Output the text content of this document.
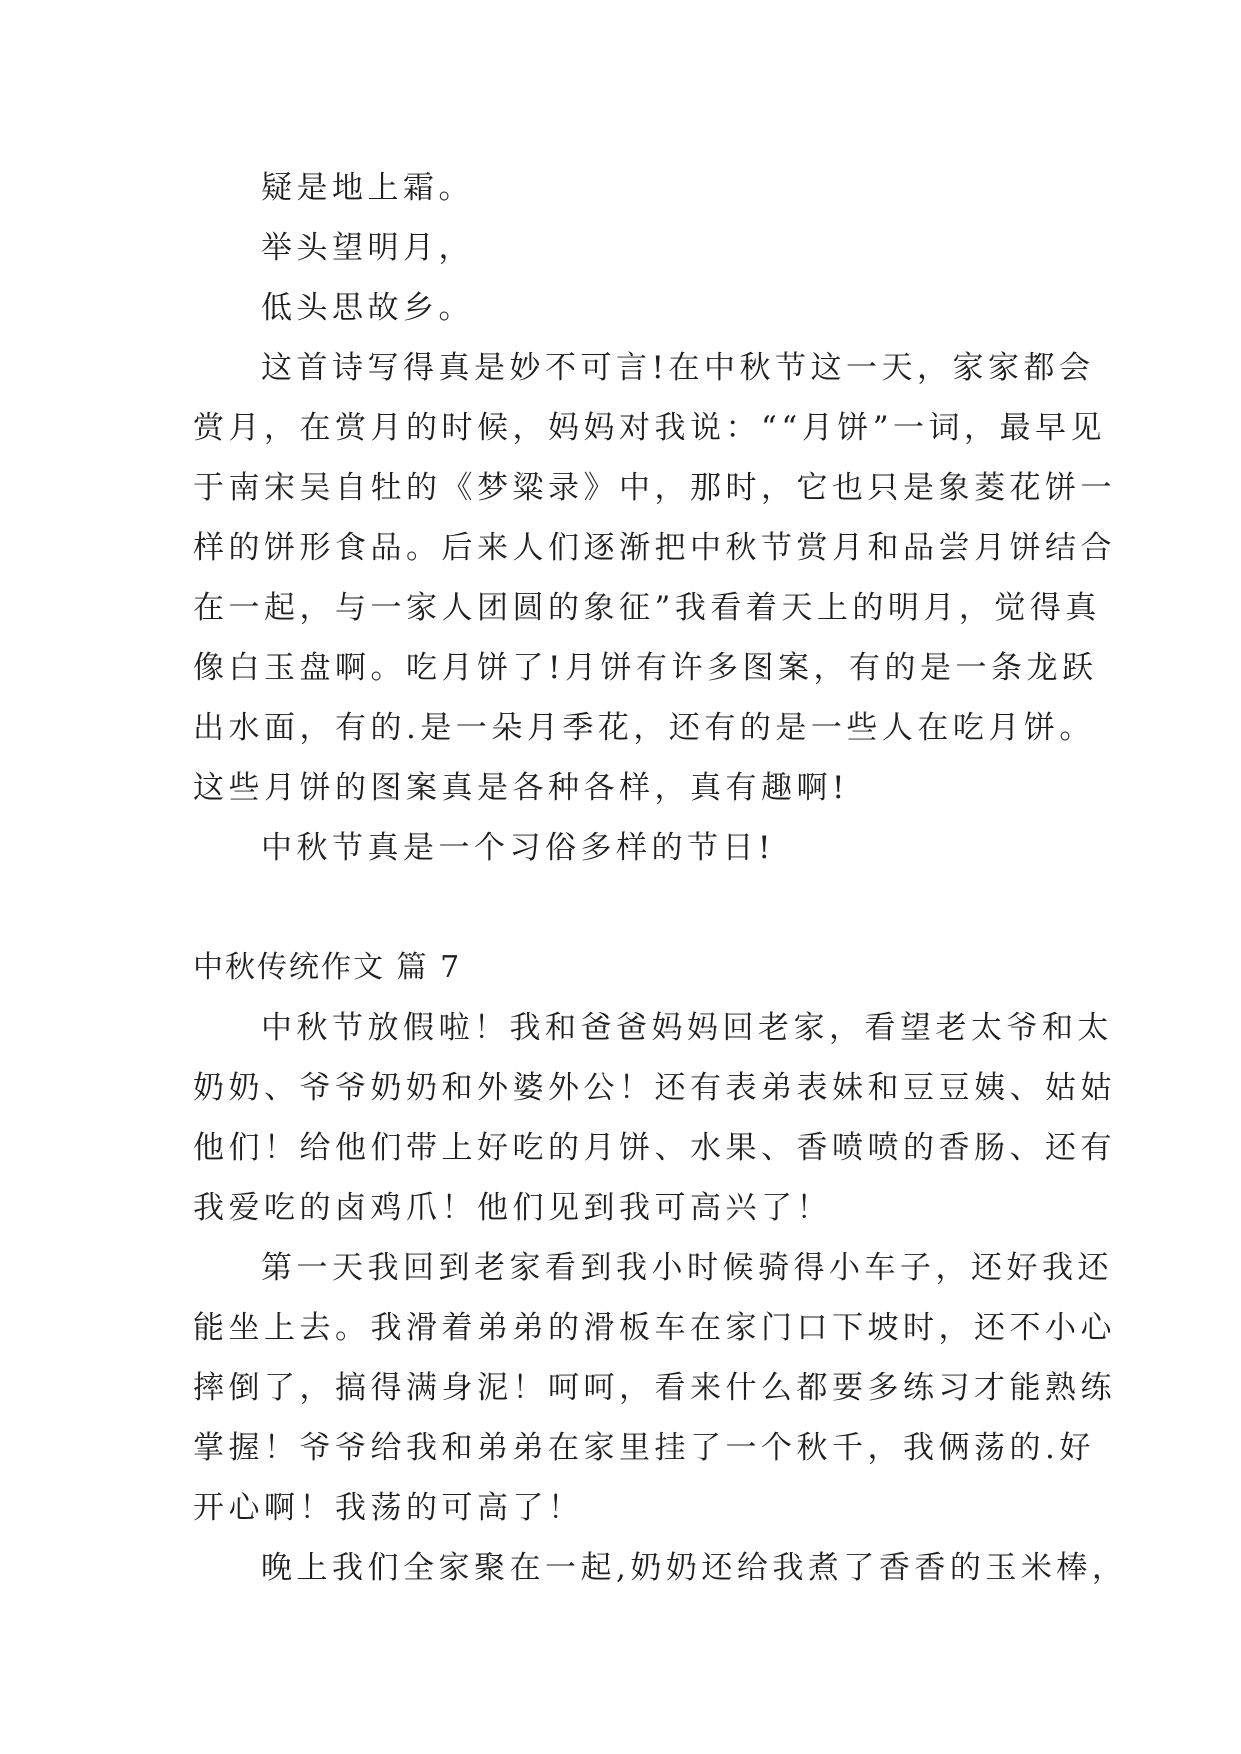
疑是地上霜。
举头望明月，
低头思故乡。
这首诗写得真是妙不可言!在中秋节这一天，家家都会
赏月，在赏月的时候，妈妈对我说：““月饼”一词，最早见
于南宋吴自牡的《梦粱录》中，那时，它也只是象菱花饼一
样的饼形食品。后来人们逐渐把中秋节赏月和品尝月饼结合
在一起，与一家人团圆的象征”我看着天上的明月，觉得真
像白玉盘啊。吃月饼了!月饼有许多图案，有的是一条龙跃
出水面，有的.是一朵月季花，还有的是一些人在吃月饼。
这些月饼的图案真是各种各样，真有趣啊!
中秋节真是一个习俗多样的节日!
中秋传统作文 篇 7
中秋节放假啦！我和爸爸妈妈回老家，看望老太爷和太
奶奶、爷爷奶奶和外婆外公！还有表弟表妹和豆豆姨、姑姑
他们！给他们带上好吃的月饼、水果、香喷喷的香肠、还有
我爱吃的卤鸡爪！他们见到我可高兴了！
第一天我回到老家看到我小时候骑得小车子，还好我还
能坐上去。我滑着弟弟的滑板车在家门口下坡时，还不小心
摔倒了，搞得满身泥！呵呵，看来什么都要多练习才能熟练
掌握！爷爷给我和弟弟在家里挂了一个秋千，我俩荡的.好
开心啊！我荡的可高了！
晚上我们全家聚在一起,奶奶还给我煮了香香的玉米棒，
